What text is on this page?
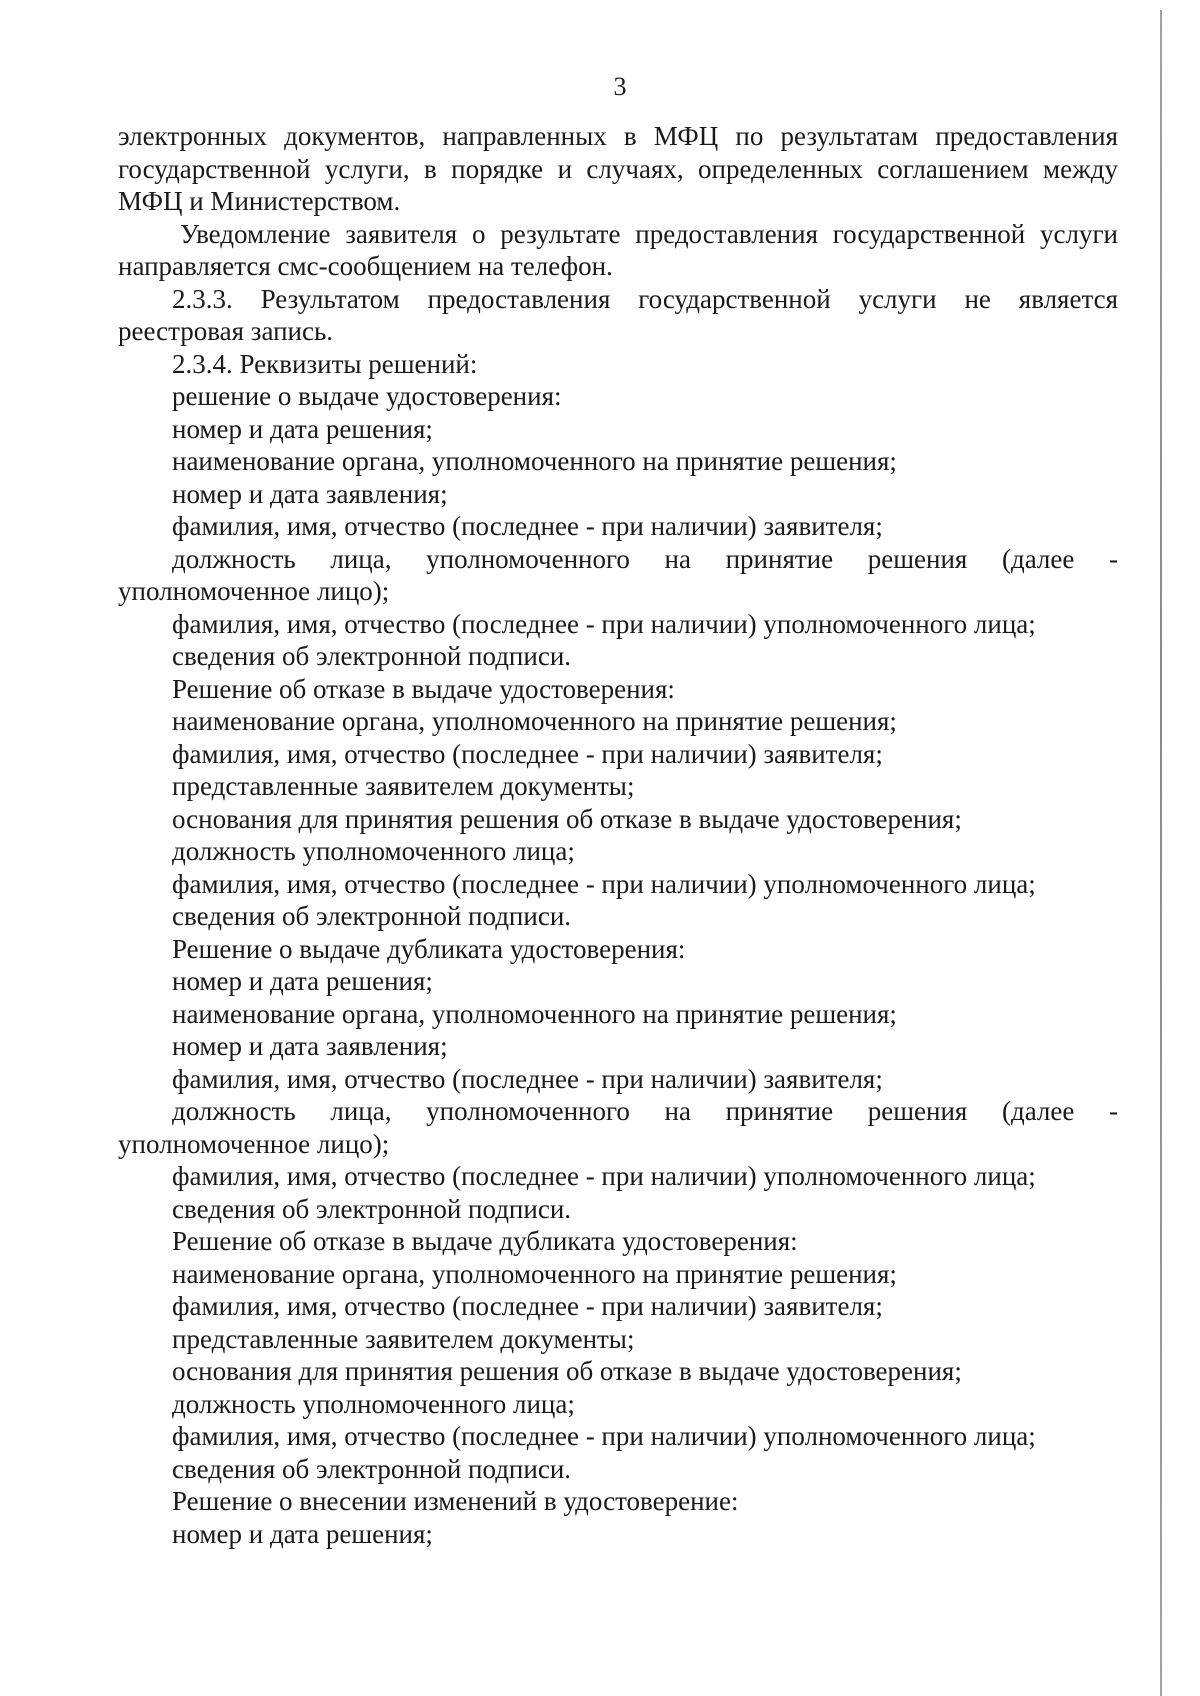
3
электронных документов, направленных в МФЦ по результатам предоставления
государственной услуги, в порядке и случаях, определенных соглашением между
МФЦ и Министерством.
Уведомление заявителя о результате предоставления государственной услуги
направляется смс-сообщением на телефон.
2.3.3. Результатом предоставления государственной услуги не является
реестровая запись.
2.3.4. Реквизиты решений:
решение о выдаче удостоверения:
номер и дата решения;
наименование органа, уполномоченного на принятие решения;
номер и дата заявления;
фамилия, имя, отчество (последнее - при наличии) заявителя;
должность лица, уполномоченного на принятие решения (далее -
уполномоченное лицо);
фамилия, имя, отчество (последнее - при наличии) уполномоченного лица;
сведения об электронной подписи.
Решение об отказе в выдаче удостоверения:
наименование органа, уполномоченного на принятие решения;
фамилия, имя, отчество (последнее - при наличии) заявителя;
представленные заявителем документы;
основания для принятия решения об отказе в выдаче удостоверения;
должность уполномоченного лица;
фамилия, имя, отчество (последнее - при наличии) уполномоченного лица;
сведения об электронной подписи.
Решение о выдаче дубликата удостоверения:
номер и дата решения;
наименование органа, уполномоченного на принятие решения;
номер и дата заявления;
фамилия, имя, отчество (последнее - при наличии) заявителя;
должность лица, уполномоченного на принятие решения (далее -
уполномоченное лицо);
фамилия, имя, отчество (последнее - при наличии) уполномоченного лица;
сведения об электронной подписи.
Решение об отказе в выдаче дубликата удостоверения:
наименование органа, уполномоченного на принятие решения;
фамилия, имя, отчество (последнее - при наличии) заявителя;
представленные заявителем документы;
основания для принятия решения об отказе в выдаче удостоверения;
должность уполномоченного лица;
фамилия, имя, отчество (последнее - при наличии) уполномоченного лица;
сведения об электронной подписи.
Решение о внесении изменений в удостоверение:
номер и дата решения;
